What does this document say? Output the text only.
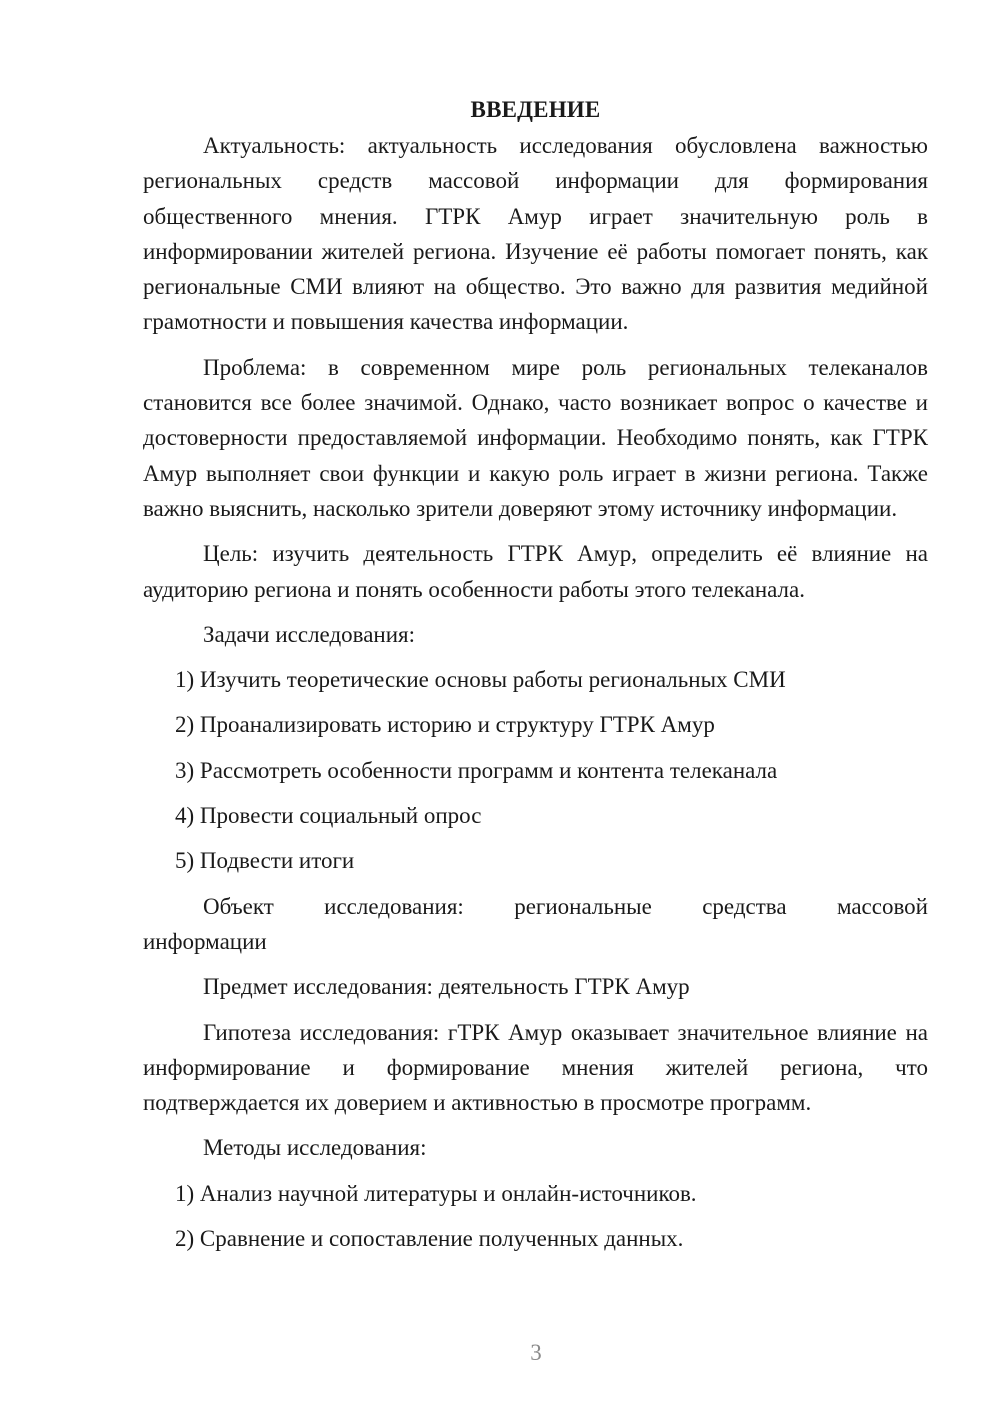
ВВЕДЕНИЕ

Актуальность: актуальность исследования обусловлена важностью региональных средств массовой информации для формирования общественного мнения. ГТРК Амур играет значительную роль в информировании жителей региона. Изучение её работы помогает понять, как региональные СМИ влияют на общество. Это важно для развития медийной грамотности и повышения качества информации.

Проблема: в современном мире роль региональных телеканалов становится все более значимой. Однако, часто возникает вопрос о качестве и достоверности предоставляемой информации. Необходимо понять, как ГТРК Амур выполняет свои функции и какую роль играет в жизни региона. Также важно выяснить, насколько зрители доверяют этому источнику информации.

Цель: изучить деятельность ГТРК Амур, определить её влияние на аудиторию региона и понять особенности работы этого телеканала.

Задачи исследования:

1) Изучить теоретические основы работы региональных СМИ

2) Проанализировать историю и структуру ГТРК Амур

3) Рассмотреть особенности программ и контента телеканала

4) Провести социальный опрос

5) Подвести итоги

Объект исследования: региональные средства массовой
информации

Предмет исследования: деятельность ГТРК Амур

Гипотеза исследования: гТРК Амур оказывает значительное влияние на информирование и формирование мнения жителей региона, что подтверждается их доверием и активностью в просмотре программ.

Методы исследования:

1) Анализ научной литературы и онлайн-источников.

2) Сравнение и сопоставление полученных данных.

3
